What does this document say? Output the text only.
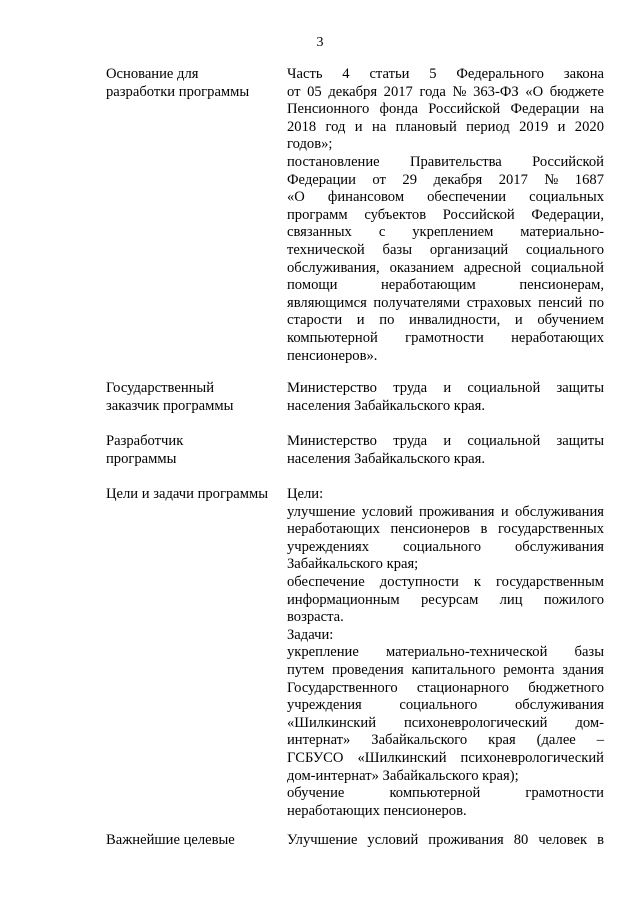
3
Основание для
разработки программы
Часть 4 статьи 5 Федерального закона
от 05 декабря 2017 года № 363-ФЗ «О бюджете
Пенсионного фонда Российской Федерации на
2018 год и на плановый период 2019 и 2020
годов»;
постановление Правительства Российской
Федерации от 29 декабря 2017 № 1687
«О финансовом обеспечении социальных
программ субъектов Российской Федерации,
связанных с укреплением материально-
технической базы организаций социального
обслуживания, оказанием адресной социальной
помощи неработающим пенсионерам,
являющимся получателями страховых пенсий по
старости и по инвалидности, и обучением
компьютерной грамотности неработающих
пенсионеров».
Государственный
заказчик программы
Министерство труда и социальной защиты
населения Забайкальского края.
Разработчик
программы
Министерство труда и социальной защиты
населения Забайкальского края.
Цели и задачи программы	Цели:
улучшение условий проживания и обслуживания
неработающих пенсионеров в государственных
учреждениях социального обслуживания
Забайкальского края;
обеспечение доступности к государственным
информационным ресурсам лиц пожилого
возраста.
Задачи:
укрепление материально-технической базы
путем проведения капитального ремонта здания
Государственного стационарного бюджетного
учреждения социального обслуживания
«Шилкинский психоневрологический дом-
интернат» Забайкальского края (далее –
ГСБУСО «Шилкинский психоневрологический
дом-интернат» Забайкальского края);
обучение компьютерной грамотности
неработающих пенсионеров.
Важнейшие целевые	Улучшение условий проживания 80 человек в
